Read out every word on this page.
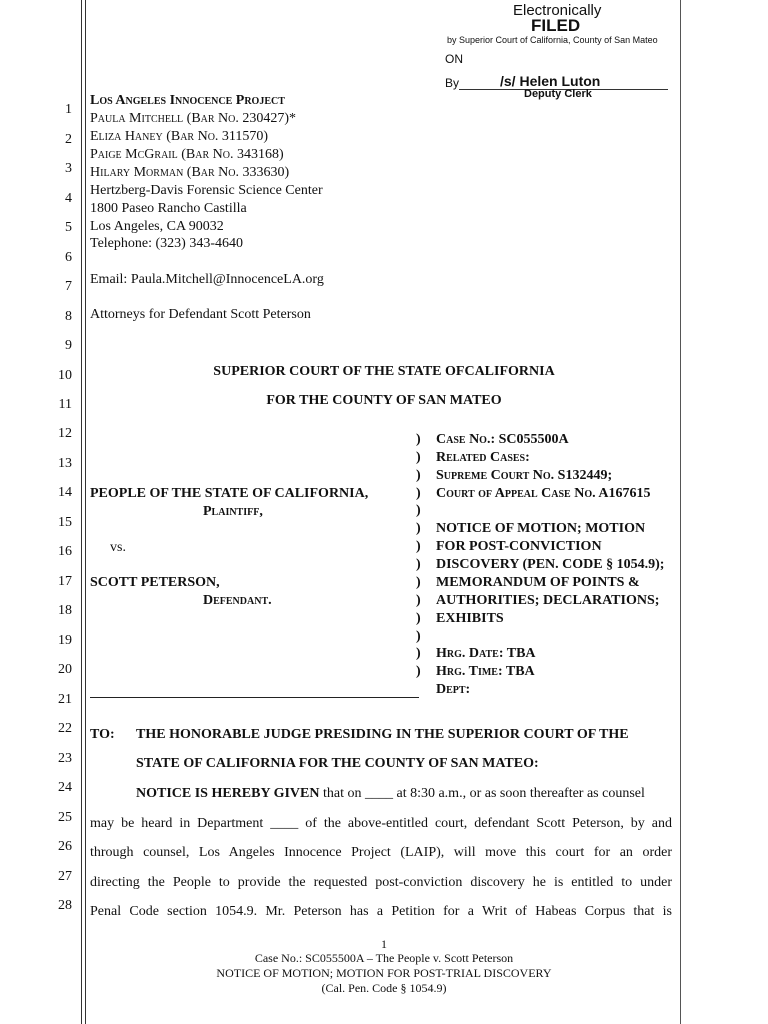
Electronically
FILED
by Superior Court of California, County of San Mateo
ON
By	/s/ Helen Luton
Deputy Clerk
1
2
3
4
5
6
7
8
9
10
11
12
13
14
15
16
17
18
19
20
21
22
23
24
25
26
27
28
Los Angeles Innocence Project
Paula Mitchell (Bar No. 230427)*
Eliza Haney (Bar No. 311570)
Paige McGrail (Bar No. 343168)
Hilary Morman (Bar No. 333630)
Hertzberg-Davis Forensic Science Center
1800 Paseo Rancho Castilla
Los Angeles, CA 90032
Telephone: (323) 343-4640
Email: Paula.Mitchell@InnocenceLA.org
Attorneys for Defendant Scott Peterson
SUPERIOR COURT OF THE STATE OFCALIFORNIA
FOR THE COUNTY OF SAN MATEO
PEOPLE OF THE STATE OF CALIFORNIA,
Plaintiff,
vs.
SCOTT PETERSON,
Defendant.
)
)
)
)
)
)
)
)
)
)
)
)
)
)
Case No.: SC055500A
Related Cases:
Supreme Court No. S132449;
Court of Appeal Case No. A167615
NOTICE OF MOTION; MOTION
FOR POST-CONVICTION
DISCOVERY (PEN. CODE § 1054.9);
MEMORANDUM OF POINTS &
AUTHORITIES; DECLARATIONS;
EXHIBITS
Hrg. Date: TBA
Hrg. Time: TBA
Dept:
TO: THE HONORABLE JUDGE PRESIDING IN THE SUPERIOR COURT OF THE
STATE OF CALIFORNIA FOR THE COUNTY OF SAN MATEO:
NOTICE IS HEREBY GIVEN that on ____ at 8:30 a.m., or as soon thereafter as counsel
may be heard in Department ____ of the above-entitled court, defendant Scott Peterson, by and
through counsel, Los Angeles Innocence Project (LAIP), will move this court for an order
directing the People to provide the requested post-conviction discovery he is entitled to under
Penal Code section 1054.9. Mr. Peterson has a Petition for a Writ of Habeas Corpus that is
1
Case No.: SC055500A – The People v. Scott Peterson
NOTICE OF MOTION; MOTION FOR POST-TRIAL DISCOVERY
(Cal. Pen. Code § 1054.9)
